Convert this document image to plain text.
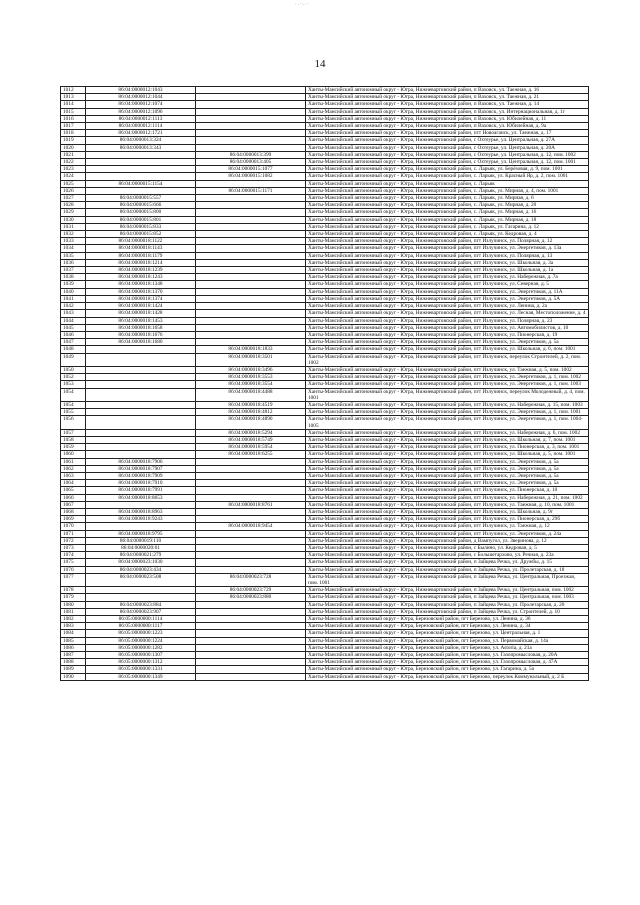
·.·..·
14
1012	86:04:0000012:1043		Ханты-Мансийский автономный округ - Югра, Нижневартовский район, п Ваховск, ул. Таежная, д. 16
1013	86:04:0000012:1044		Ханты-Мансийский автономный округ - Югра, Нижневартовский район, п Ваховск, ул. Таежная, д. 21
1014	86:04:0000012:1074		Ханты-Мансийский автономный округ - Югра, Нижневартовский район, п Ваховск, ул. Таежная, д. 14
1015	86:04:0000012:1096		Ханты-Мансийский автономный округ - Югра, Нижневартовский район, п Ваховск, ул. Интернациональная, д. 1г
1016	86:04:0000012:1113		Ханты-Мансийский автономный округ - Югра, Нижневартовский район, п Ваховск, ул. Юбилейная, д. 11
1017	86:04:0000012:1114		Ханты-Мансийский автономный округ - Югра, Нижневартовский район, п Ваховск, ул. Юбилейная, д. 9а
1018	86:04:0000012:1721		Ханты-Мансийский автономный округ - Югра, Нижневартовский район, пгт Новоаганск, ул. Таежная, д. 17
1019	86:04:0000013:324		Ханты-Мансийский автономный округ - Югра, Нижневартовский район, с Охтеурье, ул. Центральная, д. 27А
1020	86:04:0000013:343		Ханты-Мансийский автономный округ - Югра, Нижневартовский район, с Охтеурье, ул. Центральная, д. 20А
1021		86:04:0000013:399	Ханты-Мансийский автономный округ - Югра, Нижневартовский район, с Охтеурье, ул. Центральная, д. 12, пом. 1002
1022		86:04:0000013:405	Ханты-Мансийский автономный округ - Югра, Нижневартовский район, с Охтеурье, ул. Центральная, д. 12, пом. 1001
1023		86:04:0000015:1077	Ханты-Мансийский автономный округ - Югра, Нижневартовский район, с. Ларьяк, ул. Берёзовая, д. 9, пом. 1001
1024		86:04:0000015:1082	Ханты-Мансийский автономный округ - Югра, Нижневартовский район, с. Ларьяк, ул. Красный Яр, д. 2, пом. 1001
1025	86:04:0000015:1154		Ханты-Мансийский автономный округ - Югра, Нижневартовский район, с. Ларьяк
1026		86:04:0000015:1171	Ханты-Мансийский автономный округ - Югра, Нижневартовский район, с. Ларьяк, ул. Мирная, д. 4, пом. 1001
1027	86:04:0000015:557		Ханты-Мансийский автономный округ - Югра, Нижневартовский район, с. Ларьяк, ул. Мирная, д. 6
1028	86:04:0000015:666		Ханты-Мансийский автономный округ - Югра, Нижневартовский район, с. Ларьяк, ул. Мирная, д. 20
1029	86:04:0000015:800		Ханты-Мансийский автономный округ - Югра, Нижневартовский район, с. Ларьяк, ул. Мирная, д. 16
1030	86:04:0000015:801		Ханты-Мансийский автономный округ - Югра, Нижневартовский район, с. Ларьяк, ул. Мирная, д. 18
1031	86:04:0000015:833		Ханты-Мансийский автономный округ - Югра, Нижневартовский район, с. Ларьяк, ул. Гагарина, д. 12
1032	86:04:0000015:852		Ханты-Мансийский автономный округ - Югра, Нижневартовский район, с. Ларьяк, ул. Кедровая, д. 4
1033	86:04:0000018:1122		Ханты-Мансийский автономный округ - Югра, Нижневартовский район, пгт Излучинск, ул. Полярная, д. 12
1034	86:04:0000018:1143		Ханты-Мансийский автономный округ - Югра, Нижневартовский район, пгт Излучинск, ул. Энергетиков, д. 13а
1035	86:04:0000018:1179		Ханты-Мансийский автономный округ - Югра, Нижневартовский район, пгт Излучинск, ул. Полярная, д. 13
1036	86:04:0000018:1214		Ханты-Мансийский автономный округ - Югра, Нижневартовский район, пгт Излучинск, ул. Школьная, д. 3а
1037	86:04:0000018:1239		Ханты-Мансийский автономный округ - Югра, Нижневартовский район, пгт Излучинск, ул. Школьная, д. 1а
1038	86:04:0000018:1243		Ханты-Мансийский автономный округ - Югра, Нижневартовский район, пгт Излучинск, ул. Набережная, д. 7а
1039	86:04:0000018:1348		Ханты-Мансийский автономный округ - Югра, Нижневартовский район, пгт Излучинск, ул. Северная, д. 5
1040	86:04:0000018:1370		Ханты-Мансийский автономный округ - Югра, Нижневартовский район, пгт Излучинск, ул. Энергетиков, д. 11А
1041	86:04:0000018:1374		Ханты-Мансийский автономный округ - Югра, Нижневартовский район, пгт Излучинск, ул. Энергетиков, д. 5А
1042	86:04:0000018:1424		Ханты-Мансийский автономный округ - Югра, Нижневартовский район, пгт Излучинск, ул. Ленина, д. 2а
1043	86:04:0000018:1428		Ханты-Мансийский автономный округ - Югра, Нижневартовский район, пгт Излучинск, ул. Лесная, Местоположение, д. 4
1044	86:04:0000018:1453		Ханты-Мансийский автономный округ - Югра, Нижневартовский район, пгт Излучинск, ул. Полярная, д. 23
1045	86:04:0000018:1658		Ханты-Мансийский автономный округ - Югра, Нижневартовский район, пгт Излучинск, ул. Автомобилистов, д. 10
1046	86:04:0000018:1676		Ханты-Мансийский автономный округ - Югра, Нижневартовский район, пгт Излучинск, ул. Пионерская, д. 19
1047	86:04:0000018:1680		Ханты-Мансийский автономный округ - Югра, Нижневартовский район, пгт Излучинск, ул. Энергетиков, д. 5а
1048		86:04:0000018:1833	Ханты-Мансийский автономный округ - Югра, Нижневартовский район, пгт Излучинск, ул. Школьная, д. 6, пом. 1001
1049		86:04:0000018:3501	Ханты-Мансийский автономный округ - Югра, Нижневартовский район, пгт Излучинск, переулок Строителей, д. 2, пом. 1002
1050		86:04:0000018:3496	Ханты-Мансийский автономный округ - Югра, Нижневартовский район, пгт Излучинск, ул. Таежная, д. 5, пом. 1002
1052		86:04:0000018:3553	Ханты-Мансийский автономный округ - Югра, Нижневартовский район, пгт Излучинск, ул. Энергетиков, д. 1, пом. 1002
1053		86:04:0000018:3554	Ханты-Мансийский автономный округ - Югра, Нижневартовский район, пгт Излучинск, ул. Энергетиков, д. 1, пом. 1003
1054		86:04:0000018:4488	Ханты-Мансийский автономный округ - Югра, Нижневартовский район, пгт Излучинск, переулок Молодежный, д. 4, пом. 1001
1054		86:04:0000018:4519	Ханты-Мансийский автономный округ - Югра, Нижневартовский район, пгт Излучинск, ул. Набережная, д. 15, пом. 1003
1055		86:04:0000018:4812	Ханты-Мансийский автономный округ - Югра, Нижневартовский район, пгт Излучинск, ул. Энергетиков, д. 1, пом. 1001
1056		86:04:0000018:4890	Ханты-Мансийский автономный округ - Югра, Нижневартовский район, пгт Излучинск, ул. Энергетиков, д. 1, пом. 1004-1005
1057		86:04:0000018:5294	Ханты-Мансийский автономный округ - Югра, Нижневартовский район, пгт Излучинск, ул. Набережная, д. 6, пом. 1002
1058		86:04:0000018:5749	Ханты-Мансийский автономный округ - Югра, Нижневартовский район, пгт Излучинск, ул. Школьная, д. 7, пом. 1001
1059		86:04:0000018:5954	Ханты-Мансийский автономный округ - Югра, Нижневартовский район, пгт Излучинск, ул. Пионерская, д. 3, пом. 1001
1060		86:04:0000018:6255	Ханты-Мансийский автономный округ - Югра, Нижневартовский район, пгт Излучинск, ул. Школьная, д. 5, пом. 1001
1061	86:04:0000018:7906		Ханты-Мансийский автономный округ - Югра, Нижневартовский район, пгт Излучинск, ул. Энергетиков, д. 5а
1062	86:04:0000018:7907		Ханты-Мансийский автономный округ - Югра, Нижневартовский район, пгт Излучинск, ул. Энергетиков, д. 5а
1063	86:04:0000018:7909		Ханты-Мансийский автономный округ - Югра, Нижневартовский район, пгт Излучинск, ул. Энергетиков, д. 5а
1064	86:04:0000018:7910		Ханты-Мансийский автономный округ - Югра, Нижневартовский район, пгт Излучинск, ул. Энергетиков, д. 5а
1065	86:04:0000018:7991		Ханты-Мансийский автономный округ - Югра, Нижневартовский район, пгт Излучинск, ул. Пионерская, д. 10
1066	86:04:0000018:8653		Ханты-Мансийский автономный округ - Югра, Нижневартовский район, пгт Излучинск, ул. Набережная, д. 21, пом. 1002
1067		86:04:0000018:8761	Ханты-Мансийский автономный округ - Югра, Нижневартовский район, пгт Излучинск, ул. Таежная, д. 10, пом. 1001
1068	86:04:0000018:8963		Ханты-Мансийский автономный округ - Югра, Нижневартовский район, пгт Излучинск, ул. Школьная, д. 9г
1069	86:04:0000018:9243		Ханты-Мансийский автономный округ - Югра, Нижневартовский район, пгт Излучинск, ул. Пионерская, д. 29б
1070		86:04:0000018:9454	Ханты-Мансийский автономный округ - Югра, Нижневартовский район, пгт Излучинск, ул. Таежная, д. 12
1071	86:04:0000018:9795		Ханты-Мансийский автономный округ - Югра, Нижневартовский район, пгт Излучинск, ул. Энергетиков, д. 24а
1072	86:04:0000019:110		Ханты-Мансийский автономный округ - Югра, Нижневартовский район, д Вампугол, ул. Зверинова, д. 12
1073	86:04:0000020:61		Ханты-Мансийский автономный округ - Югра, Нижневартовский район, с Былино, ул. Кедровая, д. 5
1074	86:04:0000021:279		Ханты-Мансийский автономный округ - Югра, Нижневартовский район, с Большетархово, ул. Речная, д. 23а
1075	86:04:0000023:1030		Ханты-Мансийский автономный округ - Югра, Нижневартовский район, п Зайцева Речка, ул. Дружбы, д. 15
1076	86:04:0000023:434		Ханты-Мансийский автономный округ - Югра, Нижневартовский район, п Зайцева Речка, ул. Пролетарская, д. 18
1077	86:04:0000023:508	86:04:0000023:728	Ханты-Мансийский автономный округ - Югра, Нижневартовский район, п Зайцева Речка, ул. Центральная, Проезжая, пом. 1001
1078		86:04:0000023:729	Ханты-Мансийский автономный округ - Югра, Нижневартовский район, п Зайцева Речка, ул. Центральная, пом. 1002
1079		86:04:0000023:880	Ханты-Мансийский автономный округ - Югра, Нижневартовский район, п Зайцева Речка, ул. Центральная, пом. 1003
1080	86:04:0000023:884		Ханты-Мансийский автономный округ - Югра, Нижневартовский район, п Зайцева Речка, ул. Пролетарская, д. 20
1081	86:04:0000023:907		Ханты-Мансийский автономный округ - Югра, Нижневартовский район, п Зайцева Речка, ул. Строителей, д. 10
1082	86:05:0000000:1114		Ханты-Мансийский автономный округ - Югра, Березовский район, пгт Березово, ул. Ленина, д. 36
1083	86:05:0000000:1117		Ханты-Мансийский автономный округ - Югра, Березовский район, пгт Березово, ул. Ленина, д. 34
1084	86:05:0000000:1223		Ханты-Мансийский автономный округ - Югра, Березовский район, пгт Березово, ул. Центральная, д. 1
1085	86:05:0000000:1224		Ханты-Мансийский автономный округ - Югра, Березовский район, пгт Березово, ул. Первомайская, д. 14а
1086	86:05:0000000:1282		Ханты-Мансийский автономный округ - Югра, Березовский район, пгт Березово, ул. Astoria, д. 21а
1087	86:05:0000000:1307		Ханты-Мансийский автономный округ - Югра, Березовский район, пгт Березово, ул. Газопромысловая, д. 20А
1088	86:05:0000000:1312		Ханты-Мансийский автономный округ - Югра, Березовский район, пгт Березово, ул. Газопромысловая, д. 47А
1089	86:05:0000000:1331		Ханты-Мансийский автономный округ - Югра, Березовский район, пгт Березово, ул. Гагарина, д. 5а
1090	86:05:0000000:1349		Ханты-Мансийский автономный округ - Югра, Березовский район, пгт Березово, переулок Коммунальный, д. 2 Б
